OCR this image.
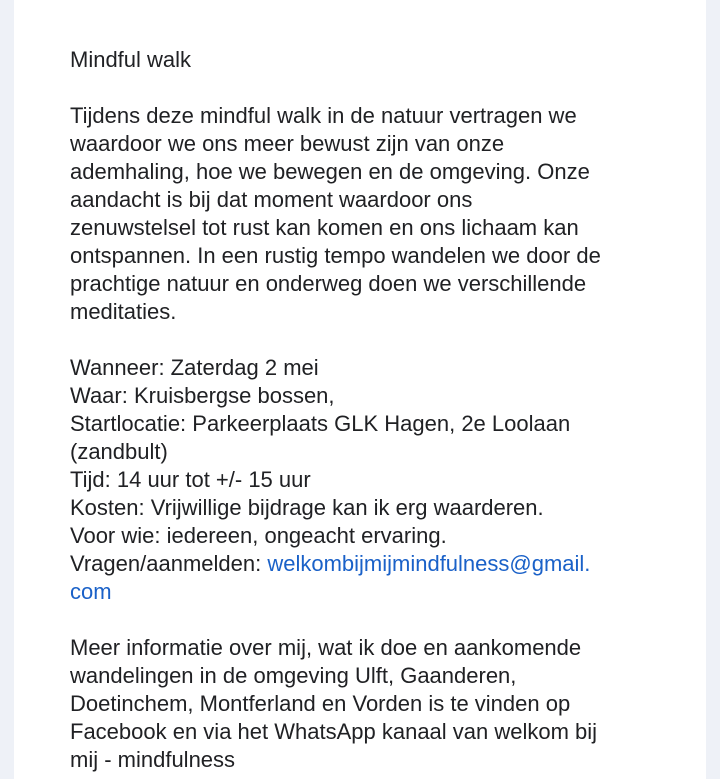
Mindful walk
Tijdens deze mindful walk in de natuur vertragen we
waardoor we ons meer bewust zijn van onze
ademhaling, hoe we bewegen en de omgeving. Onze
aandacht is bij dat moment waardoor ons
zenuwstelsel tot rust kan komen en ons lichaam kan
ontspannen. In een rustig tempo wandelen we door de
prachtige natuur en onderweg doen we verschillende
meditaties.
Wanneer: Zaterdag 2 mei
Waar: Kruisbergse bossen,
Startlocatie: Parkeerplaats GLK Hagen, 2e Loolaan
(zandbult)
Tijd: 14 uur tot +/- 15 uur
Kosten: Vrijwillige bijdrage kan ik erg waarderen.
Voor wie: iedereen, ongeacht ervaring.
Vragen/aanmelden: welkombijmijmindfulness@gmail.
com
Meer informatie over mij, wat ik doe en aankomende
wandelingen in de omgeving Ulft, Gaanderen,
Doetinchem, Montferland en Vorden is te vinden op
Facebook en via het WhatsApp kanaal van welkom bij
mij - mindfulness
